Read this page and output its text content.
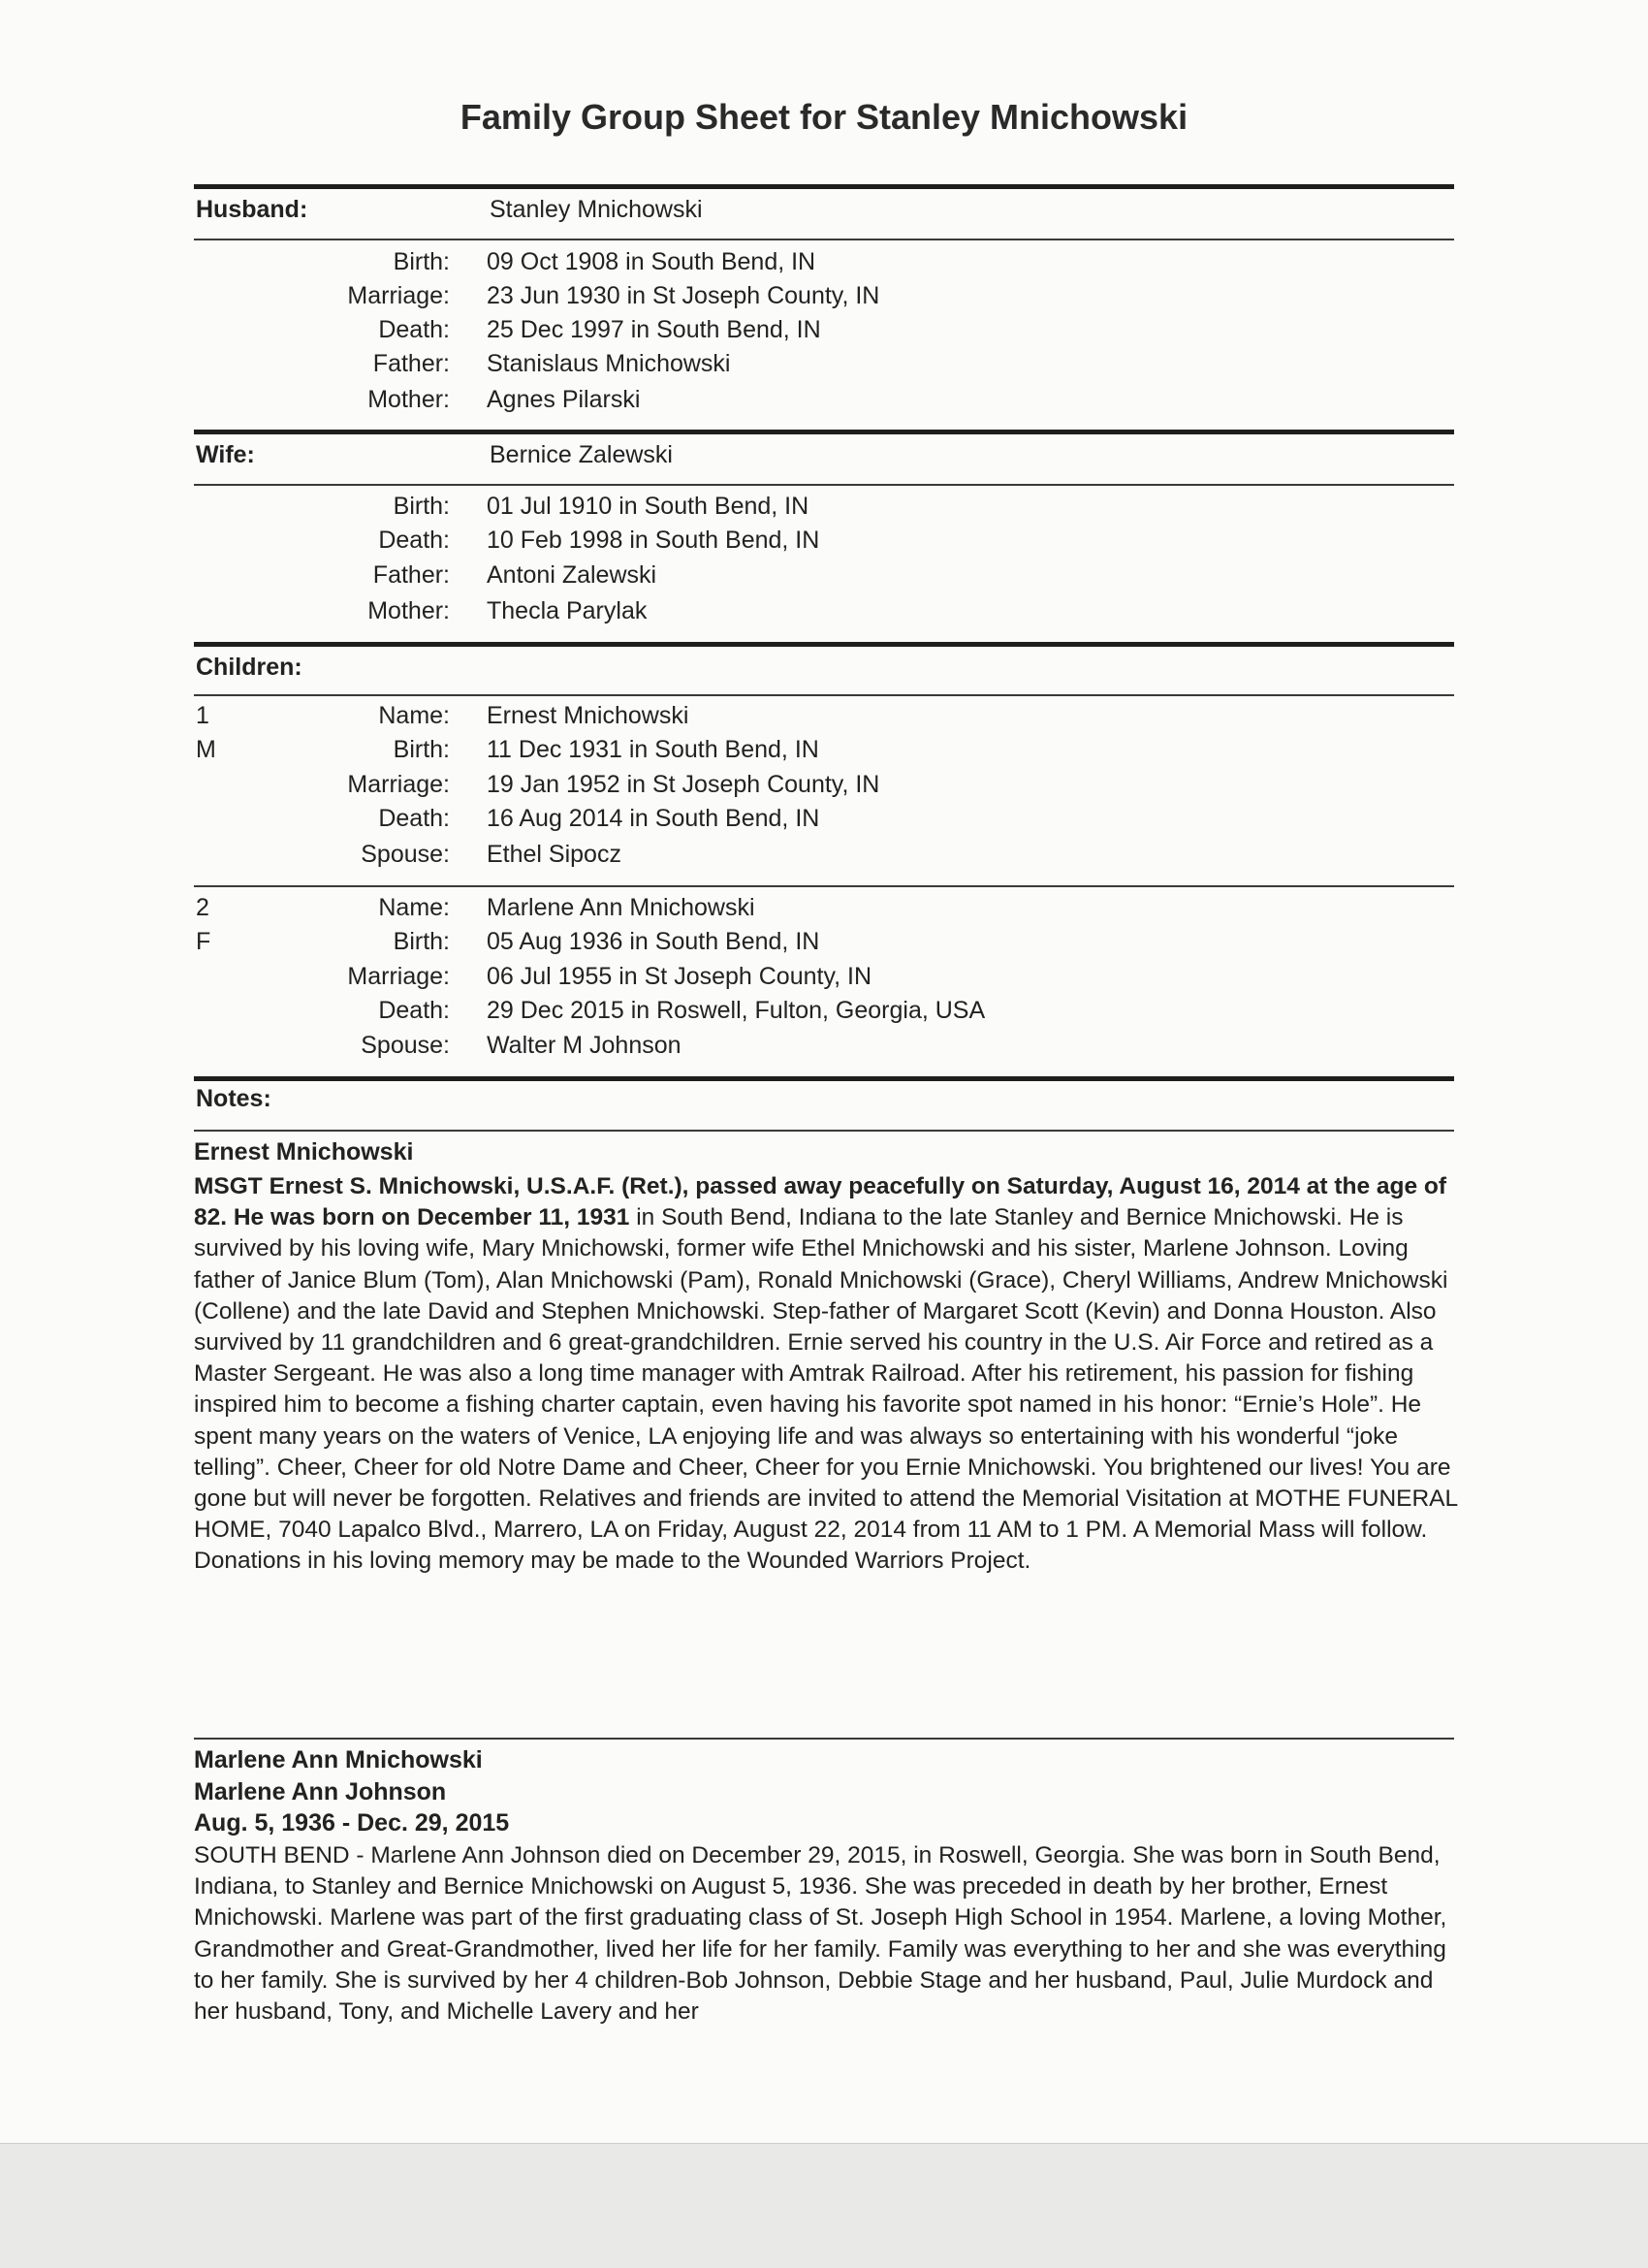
Family Group Sheet for Stanley Mnichowski
Husband:	Stanley Mnichowski
Birth: 09 Oct 1908 in South Bend, IN
Marriage: 23 Jun 1930 in St Joseph County, IN
Death: 25 Dec 1997 in South Bend, IN
Father: Stanislaus Mnichowski
Mother: Agnes Pilarski
Wife:	Bernice Zalewski
Birth: 01 Jul 1910 in South Bend, IN
Death: 10 Feb 1998 in South Bend, IN
Father: Antoni Zalewski
Mother: Thecla Parylak
Children:
1
M
Name: Ernest Mnichowski
Birth: 11 Dec 1931 in South Bend, IN
Marriage: 19 Jan 1952 in St Joseph County, IN
Death: 16 Aug 2014 in South Bend, IN
Spouse: Ethel Sipocz
2
F
Name: Marlene Ann Mnichowski
Birth: 05 Aug 1936 in South Bend, IN
Marriage: 06 Jul 1955 in St Joseph County, IN
Death: 29 Dec 2015 in Roswell, Fulton, Georgia, USA
Spouse: Walter M Johnson
Notes:
Ernest Mnichowski
MSGT Ernest S. Mnichowski, U.S.A.F. (Ret.), passed away peacefully on Saturday, August 16, 2014 at the age of 82. He was born on December 11, 1931 in South Bend, Indiana to the late Stanley and Bernice Mnichowski. He is survived by his loving wife, Mary Mnichowski, former wife Ethel Mnichowski and his sister, Marlene Johnson. Loving father of Janice Blum (Tom), Alan Mnichowski (Pam), Ronald Mnichowski (Grace), Cheryl Williams, Andrew Mnichowski (Collene) and the late David and Stephen Mnichowski. Step-father of Margaret Scott (Kevin) and Donna Houston. Also survived by 11 grandchildren and 6 great-grandchildren. Ernie served his country in the U.S. Air Force and retired as a Master Sergeant. He was also a long time manager with Amtrak Railroad. After his retirement, his passion for fishing inspired him to become a fishing charter captain, even having his favorite spot named in his honor: “Ernie’s Hole”. He spent many years on the waters of Venice, LA enjoying life and was always so entertaining with his wonderful “joke telling”. Cheer, Cheer for old Notre Dame and Cheer, Cheer for you Ernie Mnichowski. You brightened our lives! You are gone but will never be forgotten. Relatives and friends are invited to attend the Memorial Visitation at MOTHE FUNERAL HOME, 7040 Lapalco Blvd., Marrero, LA on Friday, August 22, 2014 from 11 AM to 1 PM. A Memorial Mass will follow. Donations in his loving memory may be made to the Wounded Warriors Project.
Marlene Ann Mnichowski
Marlene Ann Johnson
Aug. 5, 1936 - Dec. 29, 2015
SOUTH BEND - Marlene Ann Johnson died on December 29, 2015, in Roswell, Georgia. She was born in South Bend, Indiana, to Stanley and Bernice Mnichowski on August 5, 1936. She was preceded in death by her brother, Ernest Mnichowski. Marlene was part of the first graduating class of St. Joseph High School in 1954. Marlene, a loving Mother, Grandmother and Great-Grandmother, lived her life for her family. Family was everything to her and she was everything to her family. She is survived by her 4 children-Bob Johnson, Debbie Stage and her husband, Paul, Julie Murdock and her husband, Tony, and Michelle Lavery and her
